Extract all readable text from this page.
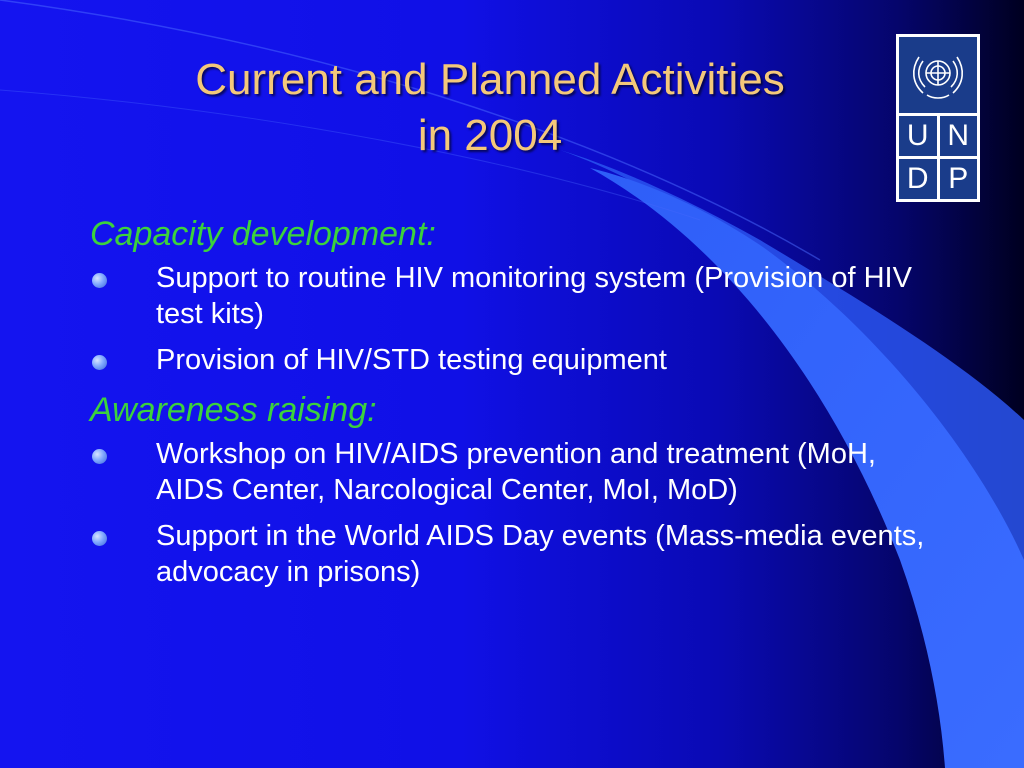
Current and Planned Activities
in 2004	U N
D P
Capacity development:
Support to routine HIV monitoring system (Provision of HIV test kits)
Provision of HIV/STD testing equipment
Awareness raising:
Workshop on HIV/AIDS prevention and treatment (MoH, AIDS Center, Narcological Center, MoI, MoD)
Support in the World AIDS Day events (Mass-media events, advocacy in prisons)
